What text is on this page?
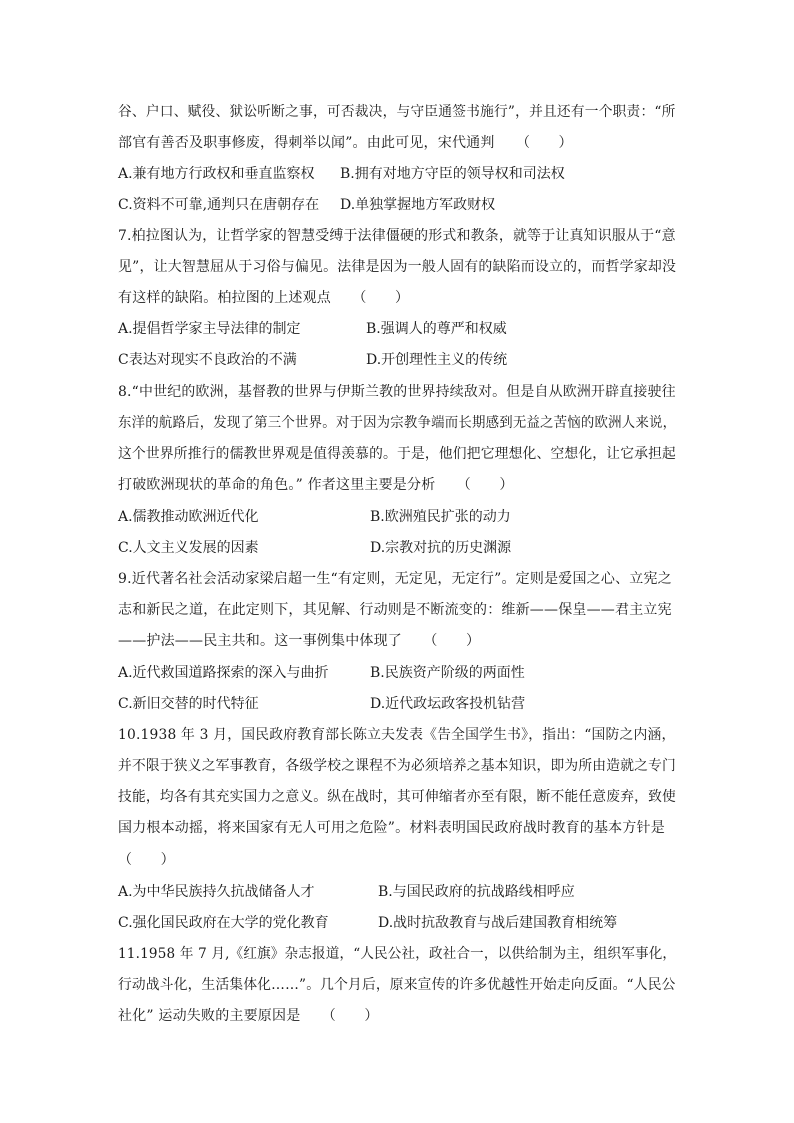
谷、户口、赋役、狱讼听断之事，可否裁决，与守臣通签书施行”，并且还有一个职责：“所
部官有善否及职事修废，得刺举以闻”。由此可见，宋代通判　　（　　）
A.兼有地方行政权和垂直监察权 B.拥有对地方守臣的领导权和司法权
C.资料不可靠,通判只在唐朝存在 D.单独掌握地方军政财权
7.柏拉图认为，让哲学家的智慧受缚于法律僵硬的形式和教条，就等于让真知识服从于“意
见”，让大智慧屈从于习俗与偏见。法律是因为一般人固有的缺陷而设立的，而哲学家却没
有这样的缺陷。柏拉图的上述观点　　（　　）
A.提倡哲学家主导法律的制定	B.强调人的尊严和权威
C表达对现实不良政治的不满	D.开创理性主义的传统
8.“中世纪的欧洲，基督教的世界与伊斯兰教的世界持续敌对。但是自从欧洲开辟直接驶往
东洋的航路后，发现了第三个世界。对于因为宗教争端而长期感到无益之苦恼的欧洲人来说，
这个世界所推行的儒教世界观是值得羡慕的。于是，他们把它理想化、空想化，让它承担起
打破欧洲现状的革命的角色。” 作者这里主要是分析　　（　　）
A.儒教推动欧洲近代化	B.欧洲殖民扩张的动力
C.人文主义发展的因素	D.宗教对抗的历史渊源
9.近代著名社会活动家梁启超一生“有定则，无定见，无定行”。定则是爱国之心、立宪之
志和新民之道，在此定则下，其见解、行动则是不断流变的：维新——保皇——君主立宪
——护法——民主共和。这一事例集中体现了　　（　　）
A.近代救国道路探索的深入与曲折	B.民族资产阶级的两面性
C.新旧交替的时代特征	D.近代政坛政客投机钻营
10.1938 年 3 月，国民政府教育部长陈立夫发表《告全国学生书》，指出：“国防之内涵，
并不限于狭义之军事教育，各级学校之课程不为必须培养之基本知识，即为所由造就之专门
技能，均各有其充实国力之意义。纵在战时，其可伸缩者亦至有限，断不能任意废弃，致使
国力根本动摇，将来国家有无人可用之危险”。材料表明国民政府战时教育的基本方针是
（　　）
A.为中华民族持久抗战储备人才	B.与国民政府的抗战路线相呼应
C.强化国民政府在大学的党化教育	D.战时抗敌教育与战后建国教育相统筹
11.1958 年 7 月,《红旗》杂志报道，“人民公社，政社合一，以供给制为主，组织军事化，
行动战斗化，生活集体化……”。几个月后，原来宣传的许多优越性开始走向反面。“人民公
社化” 运动失败的主要原因是　　（　　）
